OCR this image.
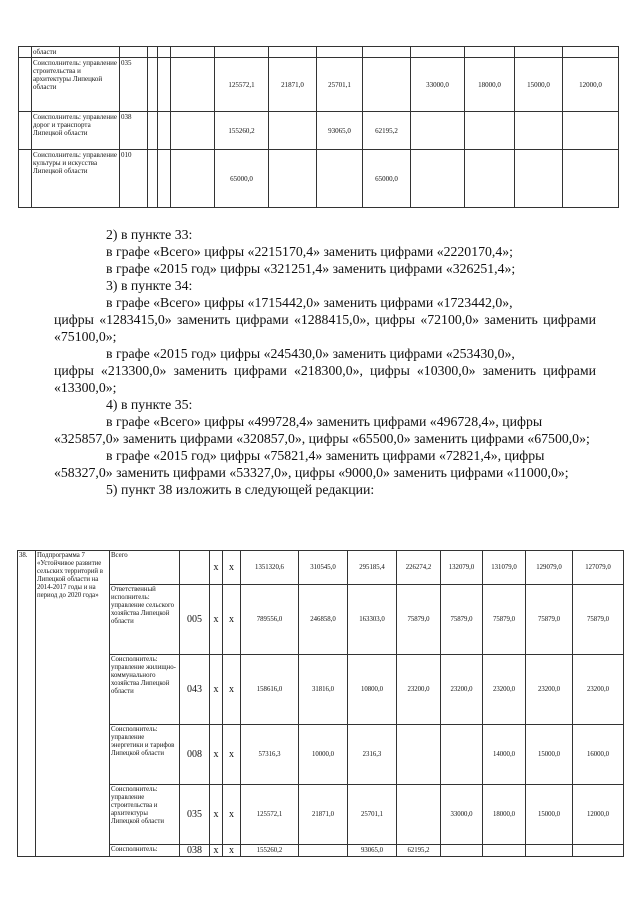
	области												
	Соисполнитель: управление строительства и архитектуры Липецкой области	035				125572,1	21871,0	25701,1		33000,0	18000,0	15000,0	12000,0
	Соисполнитель: управление дорог и транспорта Липецкой области	038				155260,2		93065,0	62195,2				
	Соисполнитель: управление культуры и искусства Липецкой области	010				65000,0			65000,0				

2) в пункте 33:

в графе «Всего» цифры «2215170,4» заменить цифрами «2220170,4»;

в графе «2015 год» цифры «321251,4» заменить цифрами «326251,4»;

3) в пункте 34:

в графе «Всего» цифры «1715442,0» заменить цифрами «1723442,0»,

цифры «1283415,0» заменить цифрами «1288415,0», цифры «72100,0» заменить цифрами «75100,0»;

в графе «2015 год» цифры «245430,0» заменить цифрами «253430,0»,

цифры «213300,0» заменить цифрами «218300,0», цифры «10300,0» заменить цифрами «13300,0»;

4) в пункте 35:

в графе «Всего» цифры «499728,4» заменить цифрами «496728,4», цифры

«325857,0» заменить цифрами «320857,0», цифры «65500,0» заменить цифрами «67500,0»;

в графе «2015 год» цифры «75821,4» заменить цифрами «72821,4», цифры

«58327,0» заменить цифрами «53327,0», цифры «9000,0» заменить цифрами «11000,0»;

5) пункт 38 изложить в следующей редакции:

38.	Подпрограмма 7 «Устойчивое развитие сельских территорий в Липецкой области на 2014-2017 годы и на период до 2020 года»	Всего		x	x	1351320,6	310545,0	295185,4	226274,2	132079,0	131079,0	129079,0	127079,0
		Ответственный исполнитель: управление сельского хозяйства Липецкой области	005	x	x	789556,0	246858,0	163303,0	75879,0	75879,0	75879,0	75879,0	75879,0
		Соисполнитель: управление жилищно-коммунального хозяйства Липецкой области	043	x	x	158616,0	31816,0	10800,0	23200,0	23200,0	23200,0	23200,0	23200,0
		Соисполнитель: управление энергетики и тарифов Липецкой области	008	x	x	57316,3	10000,0	2316,3			14000,0	15000,0	16000,0
		Соисполнитель: управление строительства и архитектуры Липецкой области	035	x	x	125572,1	21871,0	25701,1		33000,0	18000,0	15000,0	12000,0
		Соисполнитель:	038	x	x	155260,2		93065,0	62195,2				
